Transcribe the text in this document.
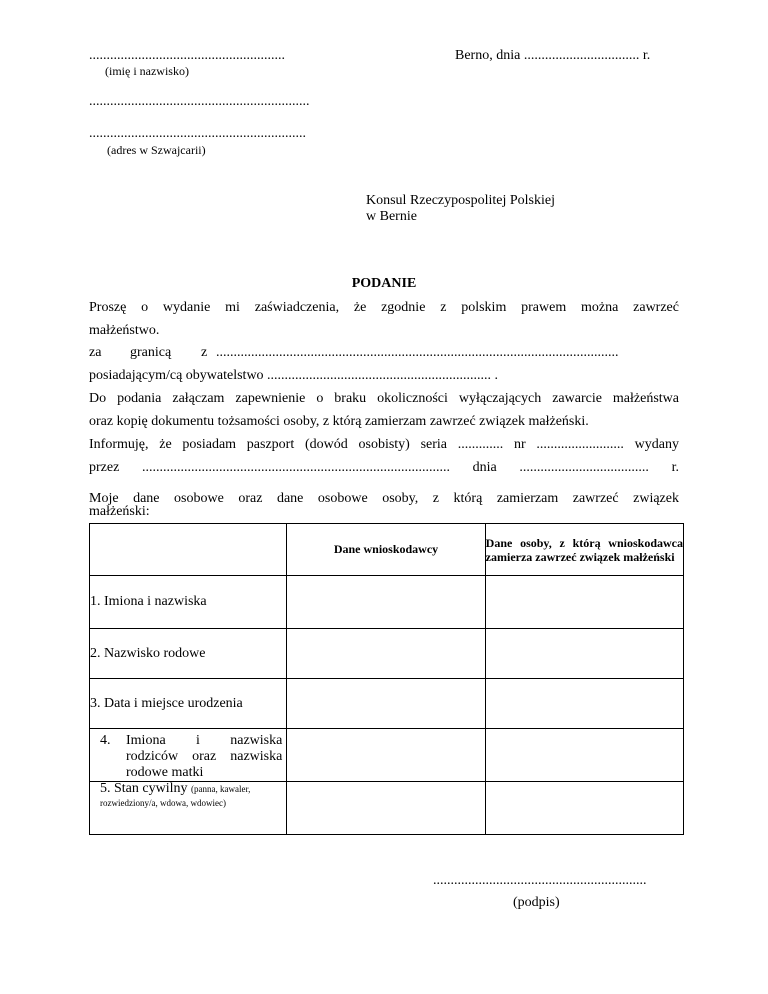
........................................................
(imię i nazwisko)
Berno, dnia ................................. r.
...............................................................
..............................................................
(adres w Szwajcarii)
Konsul Rzeczypospolitej Polskiej
w Bernie
PODANIE
Proszę o wydanie mi zaświadczenia, że zgodnie z polskim prawem można zawrzeć
małżeństwo.
za granicą z ...................................................................................................................
posiadającym/cą obywatelstwo ................................................................ .
Do podania załączam zapewnienie o braku okoliczności wyłączających zawarcie małżeństwa
oraz kopię dokumentu tożsamości osoby, z którą zamierzam zawrzeć związek małżeński.
Informuję, że posiadam paszport (dowód osobisty) seria ............. nr ......................... wydany
przez ........................................................................................ dnia ..................................... r.
Moje dane osobowe oraz dane osobowe osoby, z którą zamierzam zawrzeć związek
małżeński:
	Dane wnioskodawcy	Dane osoby, z którą wnioskodawca zamierza zawrzeć związek małżeński
1. Imiona i nazwiska		
2. Nazwisko rodowe		
3. Data i miejsce urodzenia		

4. Imiona i nazwiska rodziców oraz nazwiska rodowe matki		

5. Stan cywilny (panna, kawaler, rozwiedziony/a, wdowa, wdowiec)		
.............................................................
(podpis)
